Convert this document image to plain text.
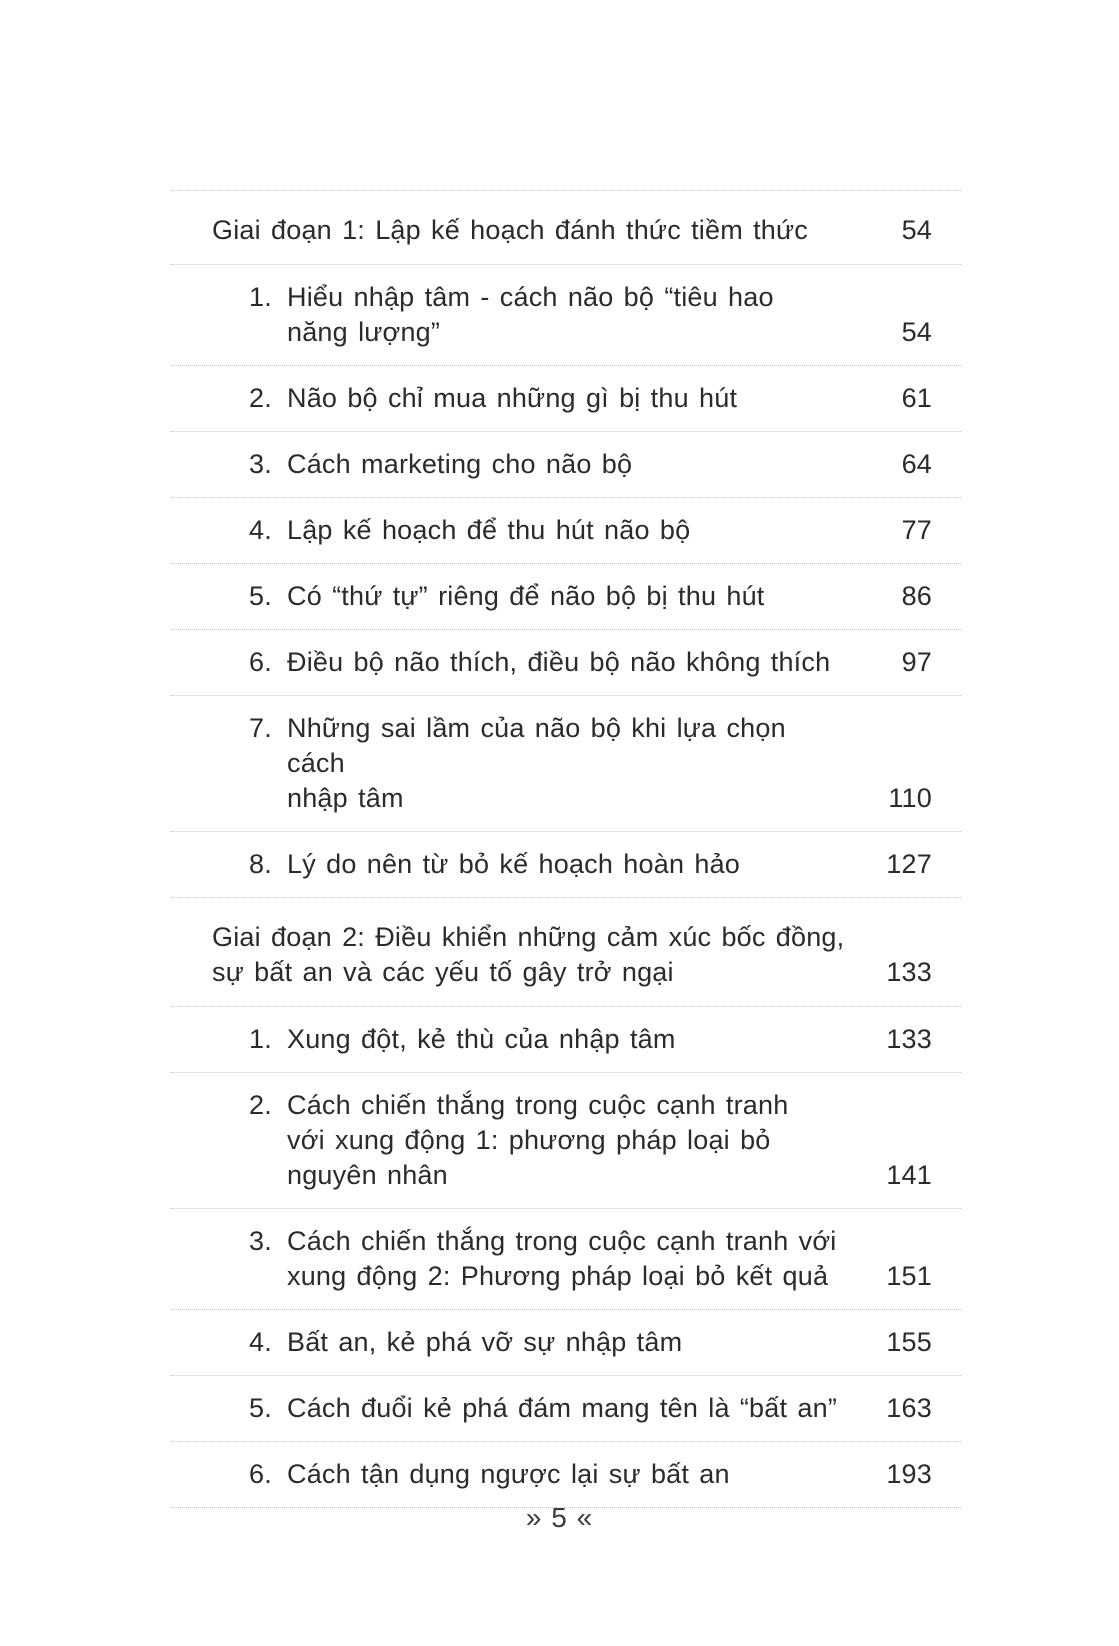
Giai đoạn 1: Lập kế hoạch đánh thức tiềm thức	54
1. Hiểu nhập tâm - cách não bộ “tiêu hao
năng lượng”	54
2. Não bộ chỉ mua những gì bị thu hút	61
3. Cách marketing cho não bộ	64
4. Lập kế hoạch để thu hút não bộ	77
5. Có “thứ tự” riêng để não bộ bị thu hút	86
6. Điều bộ não thích, điều bộ não không thích	97
7. Những sai lầm của não bộ khi lựa chọn cách
nhập tâm	110
8. Lý do nên từ bỏ kế hoạch hoàn hảo	127
Giai đoạn 2: Điều khiển những cảm xúc bốc đồng,
sự bất an và các yếu tố gây trở ngại	133
1. Xung đột, kẻ thù của nhập tâm	133
2. Cách chiến thắng trong cuộc cạnh tranh
với xung động 1: phương pháp loại bỏ
nguyên nhân	141
3. Cách chiến thắng trong cuộc cạnh tranh với
xung động 2: Phương pháp loại bỏ kết quả	151
4. Bất an, kẻ phá vỡ sự nhập tâm	155
5. Cách đuổi kẻ phá đám mang tên là “bất an”	163
6. Cách tận dụng ngược lại sự bất an	193
» 5 «
